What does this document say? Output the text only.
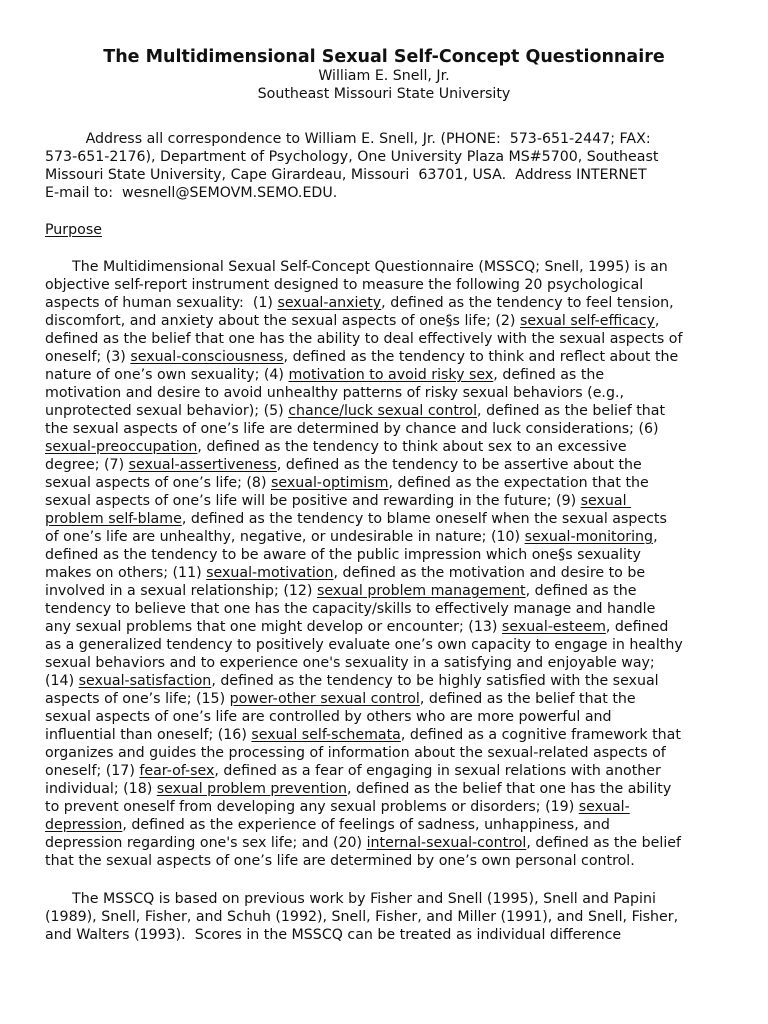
The Multidimensional Sexual Self-Concept Questionnaire
William E. Snell, Jr.
Southeast Missouri State University
Address all correspondence to William E. Snell, Jr. (PHONE:  573-651-2447; FAX:
573-651-2176), Department of Psychology, One University Plaza MS#5700, Southeast
Missouri State University, Cape Girardeau, Missouri  63701, USA.  Address INTERNET
E-mail to:  wesnell@SEMOVM.SEMO.EDU.
Purpose
The Multidimensional Sexual Self-Concept Questionnaire (MSSCQ; Snell, 1995) is an
objective self-report instrument designed to measure the following 20 psychological
aspects of human sexuality:  (1) sexual-anxiety, defined as the tendency to feel tension,
discomfort, and anxiety about the sexual aspects of one§s life; (2) sexual self-efficacy,
defined as the belief that one has the ability to deal effectively with the sexual aspects of
oneself; (3) sexual-consciousness, defined as the tendency to think and reflect about the
nature of one’s own sexuality; (4) motivation to avoid risky sex, defined as the
motivation and desire to avoid unhealthy patterns of risky sexual behaviors (e.g.,
unprotected sexual behavior); (5) chance/luck sexual control, defined as the belief that
the sexual aspects of one’s life are determined by chance and luck considerations; (6)
sexual-preoccupation, defined as the tendency to think about sex to an excessive
degree; (7) sexual-assertiveness, defined as the tendency to be assertive about the
sexual aspects of one’s life; (8) sexual-optimism, defined as the expectation that the
sexual aspects of one’s life will be positive and rewarding in the future; (9) sexual
problem self-blame, defined as the tendency to blame oneself when the sexual aspects
of one’s life are unhealthy, negative, or undesirable in nature; (10) sexual-monitoring,
defined as the tendency to be aware of the public impression which one§s sexuality
makes on others; (11) sexual-motivation, defined as the motivation and desire to be
involved in a sexual relationship; (12) sexual problem management, defined as the
tendency to believe that one has the capacity/skills to effectively manage and handle
any sexual problems that one might develop or encounter; (13) sexual-esteem, defined
as a generalized tendency to positively evaluate one’s own capacity to engage in healthy
sexual behaviors and to experience one's sexuality in a satisfying and enjoyable way;
(14) sexual-satisfaction, defined as the tendency to be highly satisfied with the sexual
aspects of one’s life; (15) power-other sexual control, defined as the belief that the
sexual aspects of one’s life are controlled by others who are more powerful and
influential than oneself; (16) sexual self-schemata, defined as a cognitive framework that
organizes and guides the processing of information about the sexual-related aspects of
oneself; (17) fear-of-sex, defined as a fear of engaging in sexual relations with another
individual; (18) sexual problem prevention, defined as the belief that one has the ability
to prevent oneself from developing any sexual problems or disorders; (19) sexual-
depression, defined as the experience of feelings of sadness, unhappiness, and
depression regarding one's sex life; and (20) internal-sexual-control, defined as the belief
that the sexual aspects of one’s life are determined by one’s own personal control.
The MSSCQ is based on previous work by Fisher and Snell (1995), Snell and Papini
(1989), Snell, Fisher, and Schuh (1992), Snell, Fisher, and Miller (1991), and Snell, Fisher,
and Walters (1993).  Scores in the MSSCQ can be treated as individual difference
